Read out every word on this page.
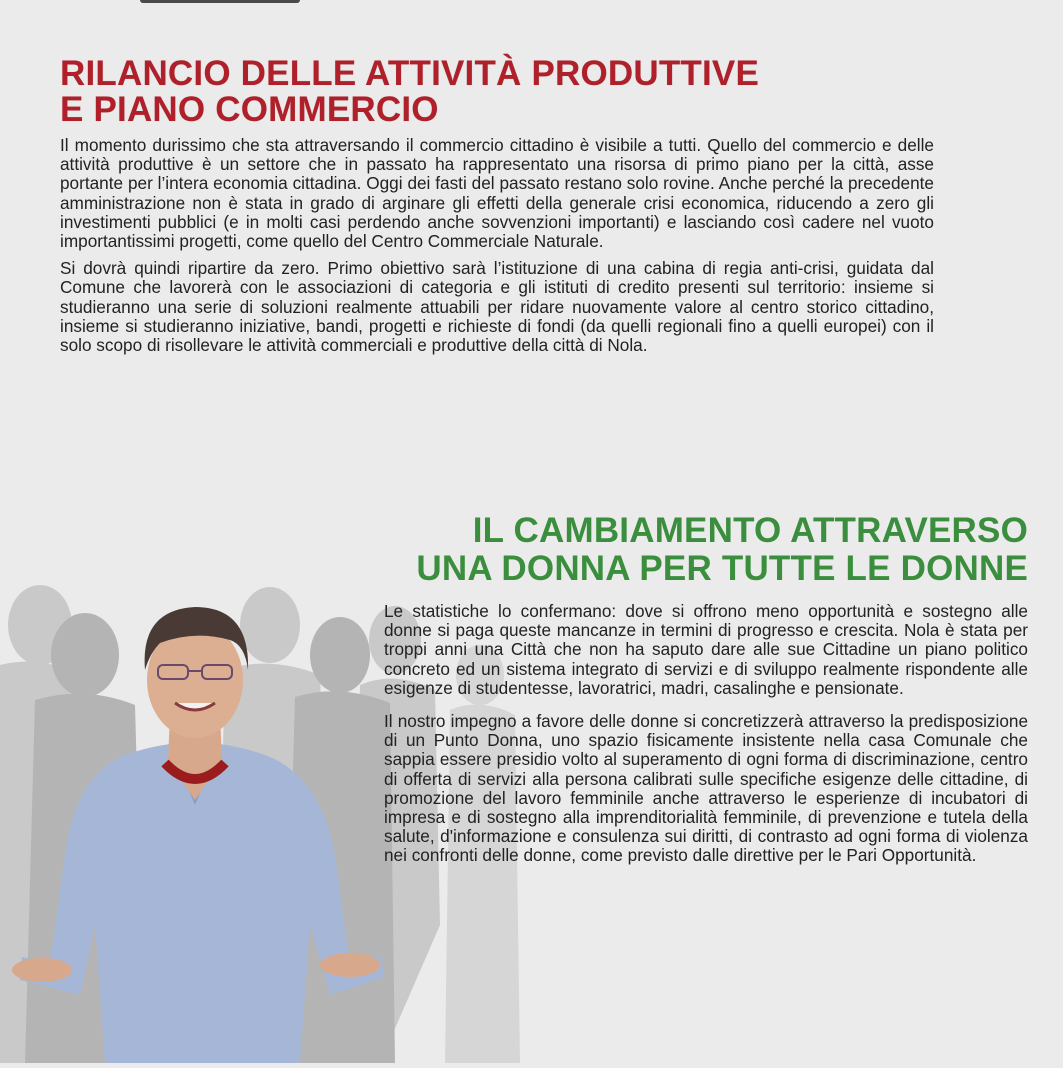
RILANCIO DELLE ATTIVITÀ PRODUTTIVE
E PIANO COMMERCIO

Il momento durissimo che sta attraversando il commercio cittadino è visibile a tutti. Quello del commercio e delle attività produttive è un settore che in passato ha rappresentato una risorsa di primo piano per la città, asse portante per l’intera economia cittadina. Oggi dei fasti del passato restano solo rovine. Anche perché la precedente amministrazione non è stata in grado di arginare gli effetti della generale crisi economica, riducendo a zero gli investimenti pubblici (e in molti casi perdendo anche sovvenzioni importanti) e lasciando così cadere nel vuoto importantissimi progetti, come quello del Centro Commerciale Naturale.

Si dovrà quindi ripartire da zero. Primo obiettivo sarà l’istituzione di una cabina di regia anti-crisi, guidata dal Comune che lavorerà con le associazioni di categoria e gli istituti di credito presenti sul territorio: insieme si studieranno una serie di soluzioni realmente attuabili per ridare nuovamente valore al centro storico cittadino, insieme si studieranno iniziative, bandi, progetti e richieste di fondi (da quelli regionali fino a quelli europei) con il solo scopo di risollevare le attività commerciali e produttive della città di Nola.

IL CAMBIAMENTO ATTRAVERSO
UNA DONNA PER TUTTE LE DONNE

Le statistiche lo confermano: dove si offrono meno opportunità e sostegno alle donne si paga queste mancanze in termini di progresso e crescita. Nola è stata per troppi anni una Città che non ha saputo dare alle sue Cittadine un piano politico concreto ed un sistema integrato di servizi e di sviluppo realmente rispondente alle esigenze di studentesse, lavoratrici, madri, casalinghe e pensionate.

Il nostro impegno a favore delle donne si concretizzerà attraverso la predisposizione di un Punto Donna, uno spazio fisicamente insistente nella casa Comunale che sappia essere presidio volto al superamento di ogni forma di discriminazione, centro di offerta di servizi alla persona calibrati sulle specifiche esigenze delle cittadine, di promozione del lavoro femminile anche attraverso le esperienze di incubatori di impresa e di sostegno alla imprenditorialità femminile, di prevenzione e tutela della salute, d'informazione e consulenza sui diritti, di contrasto ad ogni forma di violenza nei confronti delle donne, come previsto dalle direttive per le Pari Opportunità.
